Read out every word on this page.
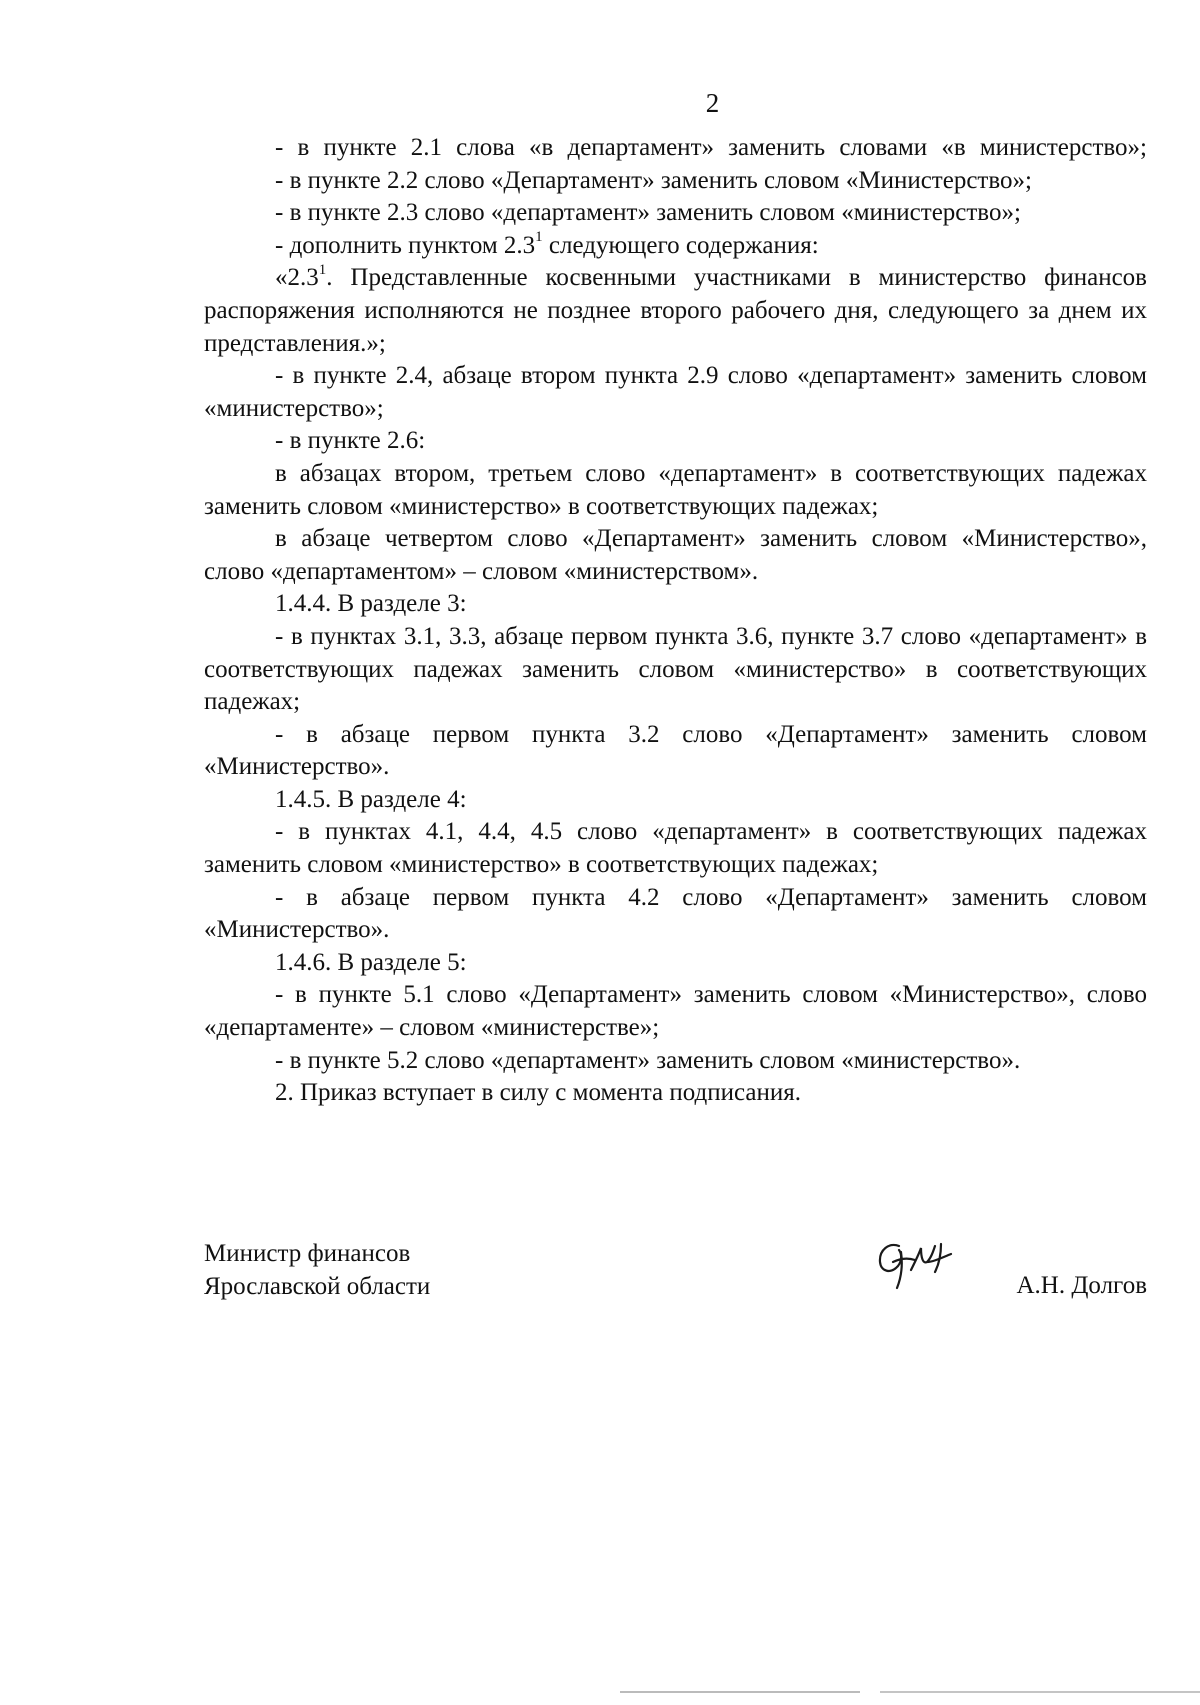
2

- в пункте 2.1 слова «в департамент» заменить словами «в министерство»;

- в пункте 2.2 слово «Департамент» заменить словом «Министерство»;

- в пункте 2.3 слово «департамент» заменить словом «министерство»;

- дополнить пунктом $2.3^1$ следующего содержания:

«$2.3^1$. Представленные косвенными участниками в министерство финансов распоряжения исполняются не позднее второго рабочего дня, следующего за днем их представления.»;

- в пункте 2.4, абзаце втором пункта 2.9 слово «департамент» заменить словом «министерство»;

- в пункте 2.6:

в абзацах втором, третьем слово «департамент» в соответствующих падежах заменить словом «министерство» в соответствующих падежах;

в абзаце четвертом слово «Департамент» заменить словом «Министерство», слово «департаментом» – словом «министерством».

1.4.4. В разделе 3:

- в пунктах 3.1, 3.3, абзаце первом пункта 3.6, пункте 3.7 слово «департамент» в соответствующих падежах заменить словом «министерство» в соответствующих падежах;

- в абзаце первом пункта 3.2 слово «Департамент» заменить словом «Министерство».

1.4.5. В разделе 4:

- в пунктах 4.1, 4.4, 4.5 слово «департамент» в соответствующих падежах заменить словом «министерство» в соответствующих падежах;

- в абзаце первом пункта 4.2 слово «Департамент» заменить словом «Министерство».

1.4.6. В разделе 5:

- в пункте 5.1 слово «Департамент» заменить словом «Министерство», слово «департаменте» – словом «министерстве»;

- в пункте 5.2 слово «департамент» заменить словом «министерство».

2. Приказ вступает в силу с момента подписания.

Министр финансов
Ярославской области	А.Н. Долгов
